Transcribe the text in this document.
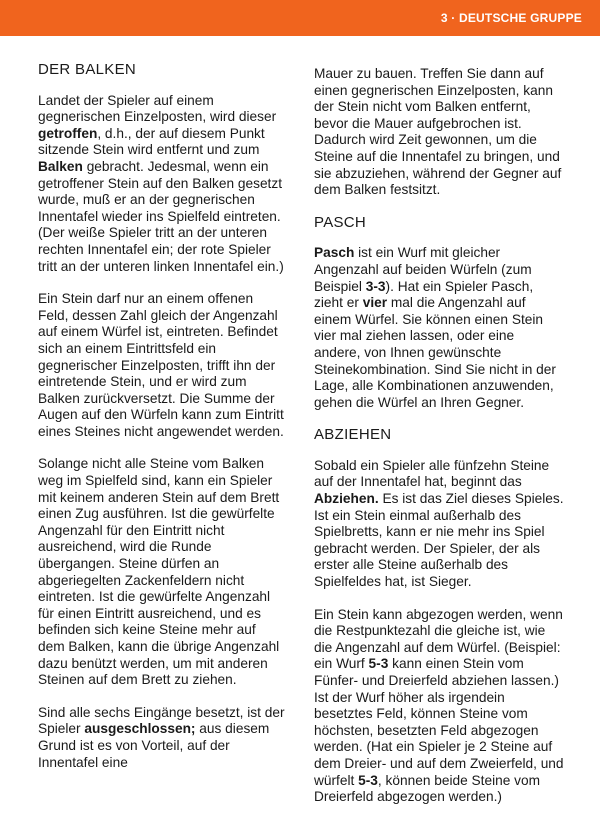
3 · DEUTSCHE GRUPPE
DER BALKEN

Landet der Spieler auf einem gegnerischen Einzelposten, wird dieser getroffen, d.h., der auf diesem Punkt sitzende Stein wird entfernt und zum Balken gebracht. Jedesmal, wenn ein getroffener Stein auf den Balken gesetzt wurde, muß er an der gegnerischen Innentafel wieder ins Spielfeld eintreten. (Der weiße Spieler tritt an der unteren rechten Innentafel ein; der rote Spieler tritt an der unteren linken Innentafel ein.)

Ein Stein darf nur an einem offenen Feld, dessen Zahl gleich der Angenzahl auf einem Würfel ist, eintreten. Befindet sich an einem Eintrittsfeld ein gegnerischer Einzelposten, trifft ihn der eintretende Stein, und er wird zum Balken zurückversetzt. Die Summe der Augen auf den Würfeln kann zum Eintritt eines Steines nicht angewendet werden.

Solange nicht alle Steine vom Balken weg im Spielfeld sind, kann ein Spieler mit keinem anderen Stein auf dem Brett einen Zug ausführen. Ist die gewürfelte Angenzahl für den Eintritt nicht ausreichend, wird die Runde übergangen. Steine dürfen an abgeriegelten Zackenfeldern nicht eintreten. Ist die gewürfelte Angenzahl für einen Eintritt ausreichend, und es befinden sich keine Steine mehr auf dem Balken, kann die übrige Angenzahl dazu benützt werden, um mit anderen Steinen auf dem Brett zu ziehen.

Sind alle sechs Eingänge besetzt, ist der Spieler ausgeschlossen; aus diesem Grund ist es von Vorteil, auf der Innentafel eine

Mauer zu bauen. Treffen Sie dann auf einen gegnerischen Einzelposten, kann der Stein nicht vom Balken entfernt, bevor die Mauer aufgebrochen ist. Dadurch wird Zeit gewonnen, um die Steine auf die Innentafel zu bringen, und sie abzuziehen, während der Gegner auf dem Balken festsitzt.

PASCH

Pasch ist ein Wurf mit gleicher Angenzahl auf beiden Würfeln (zum Beispiel 3-3). Hat ein Spieler Pasch, zieht er vier mal die Angenzahl auf einem Würfel. Sie können einen Stein vier mal ziehen lassen, oder eine andere, von Ihnen gewünschte Steinekombination. Sind Sie nicht in der Lage, alle Kombinationen anzuwenden, gehen die Würfel an Ihren Gegner.

ABZIEHEN

Sobald ein Spieler alle fünfzehn Steine auf der Innentafel hat, beginnt das Abziehen. Es ist das Ziel dieses Spieles. Ist ein Stein einmal außerhalb des Spielbretts, kann er nie mehr ins Spiel gebracht werden. Der Spieler, der als erster alle Steine außerhalb des Spielfeldes hat, ist Sieger.

Ein Stein kann abgezogen werden, wenn die Restpunktezahl die gleiche ist, wie die Angenzahl auf dem Würfel. (Beispiel: ein Wurf 5-3 kann einen Stein vom Fünfer- und Dreierfeld abziehen lassen.) Ist der Wurf höher als irgendein besetztes Feld, können Steine vom höchsten, besetzten Feld abgezogen werden. (Hat ein Spieler je 2 Steine auf dem Dreier- und auf dem Zweierfeld, und würfelt 5-3, können beide Steine vom Dreierfeld abgezogen werden.)
